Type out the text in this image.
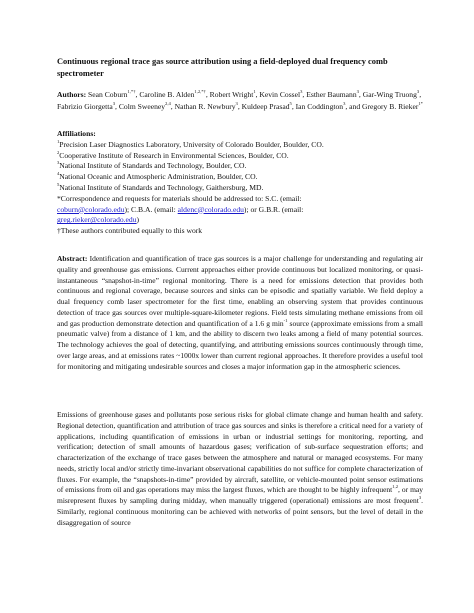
Continuous regional trace gas source attribution using a field-deployed dual frequency comb spectrometer

Authors: Sean Coburn$^{1,*\dagger}$, Caroline B. Alden$^{1,2,*\dagger}$, Robert Wright$^1$, Kevin Cossel$^3$, Esther Baumann$^3$, Gar-Wing Truong$^3$, Fabrizio Giorgetta$^3$, Colm Sweeney$^{2,4}$, Nathan R. Newbury$^3$, Kuldeep Prasad$^5$, Ian Coddington$^3$, and Gregory B. Rieker$^{1*}$

Affiliations:
$^1$Precision Laser Diagnostics Laboratory, University of Colorado Boulder, Boulder, CO.
$^2$Cooperative Institute of Research in Environmental Sciences, Boulder, CO.
$^3$National Institute of Standards and Technology, Boulder, CO.
$^4$National Oceanic and Atmospheric Administration, Boulder, CO.
$^5$National Institute of Standards and Technology, Gaithersburg, MD.
*Correspondence and requests for materials should be addressed to: S.C. (email:
coburn@colorado.edu); C.B.A. (email: aldenc@colorado.edu); or G.B.R. (email:
greg.rieker@colorado.edu)
†These authors contributed equally to this work

Abstract: Identification and quantification of trace gas sources is a major challenge for understanding and regulating air quality and greenhouse gas emissions. Current approaches either provide continuous but localized monitoring, or quasi-instantaneous “snapshot-in-time” regional monitoring. There is a need for emissions detection that provides both continuous and regional coverage, because sources and sinks can be episodic and spatially variable. We field deploy a dual frequency comb laser spectrometer for the first time, enabling an observing system that provides continuous detection of trace gas sources over multiple-square-kilometer regions. Field tests simulating methane emissions from oil and gas production demonstrate detection and quantification of a 1.6 g $\min^{-1}$ source (approximate emissions from a small pneumatic valve) from a distance of 1 km, and the ability to discern two leaks among a field of many potential sources. The technology achieves the goal of detecting, quantifying, and attributing emissions sources continuously through time, over large areas, and at emissions rates ~1000x lower than current regional approaches. It therefore provides a useful tool for monitoring and mitigating undesirable sources and closes a major information gap in the atmospheric sciences.

Emissions of greenhouse gases and pollutants pose serious risks for global climate change and human health and safety. Regional detection, quantification and attribution of trace gas sources and sinks is therefore a critical need for a variety of applications, including quantification of emissions in urban or industrial settings for monitoring, reporting, and verification; detection of small amounts of hazardous gases; verification of sub-surface sequestration efforts; and characterization of the exchange of trace gases between the atmosphere and natural or managed ecosystems. For many needs, strictly local and/or strictly time-invariant observational capabilities do not suffice for complete characterization of fluxes. For example, the “snapshots-in-time” provided by aircraft, satellite, or vehicle-mounted point sensor estimations of emissions from oil and gas operations may miss the largest fluxes, which are thought to be highly infrequent$^{1,2}$, or may misrepresent fluxes by sampling during midday, when manually triggered (operational) emissions are most frequent$^3$. Similarly, regional continuous monitoring can be achieved with networks of point sensors, but the level of detail in the disaggregation of source
